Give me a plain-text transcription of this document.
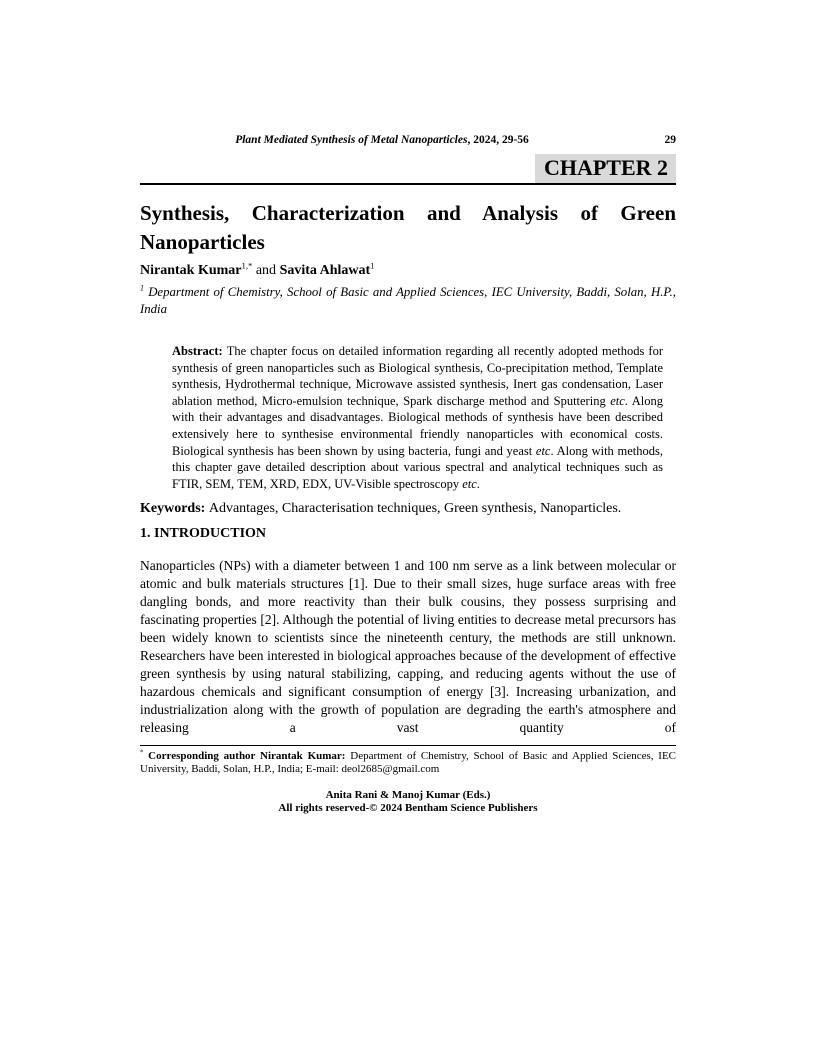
Plant Mediated Synthesis of Metal Nanoparticles, 2024, 29-56	29
CHAPTER 2
Synthesis, Characterization and Analysis of Green Nanoparticles
Nirantak Kumar$^{1,*}$ and Savita Ahlawat$^1$
$^1$ Department of Chemistry, School of Basic and Applied Sciences, IEC University, Baddi, Solan, H.P., India

Abstract: The chapter focus on detailed information regarding all recently adopted methods for synthesis of green nanoparticles such as Biological synthesis, Co-precipitation method, Template synthesis, Hydrothermal technique, Microwave assisted synthesis, Inert gas condensation, Laser ablation method, Micro-emulsion technique, Spark discharge method and Sputtering etc. Along with their advantages and disadvantages. Biological methods of synthesis have been described extensively here to synthesise environmental friendly nanoparticles with economical costs. Biological synthesis has been shown by using bacteria, fungi and yeast etc. Along with methods, this chapter gave detailed description about various spectral and analytical techniques such as FTIR, SEM, TEM, XRD, EDX, UV-Visible spectroscopy etc.

Keywords: Advantages, Characterisation techniques, Green synthesis, Nanoparticles.

1. INTRODUCTION

Nanoparticles (NPs) with a diameter between 1 and 100 nm serve as a link between molecular or atomic and bulk materials structures [1]. Due to their small sizes, huge surface areas with free dangling bonds, and more reactivity than their bulk cousins, they possess surprising and fascinating properties [2]. Although the potential of living entities to decrease metal precursors has been widely known to scientists since the nineteenth century, the methods are still unknown. Researchers have been interested in biological approaches because of the development of effective green synthesis by using natural stabilizing, capping, and reducing agents without the use of hazardous chemicals and significant consumption of energy [3]. Increasing urbanization, and industrialization along with the growth of population are degrading the earth's atmosphere and releasing a vast quantity of

* Corresponding author Nirantak Kumar: Department of Chemistry, School of Basic and Applied Sciences, IEC University, Baddi, Solan, H.P., India; E-mail: deol2685@gmail.com

Anita Rani & Manoj Kumar (Eds.)
All rights reserved-© 2024 Bentham Science Publishers
